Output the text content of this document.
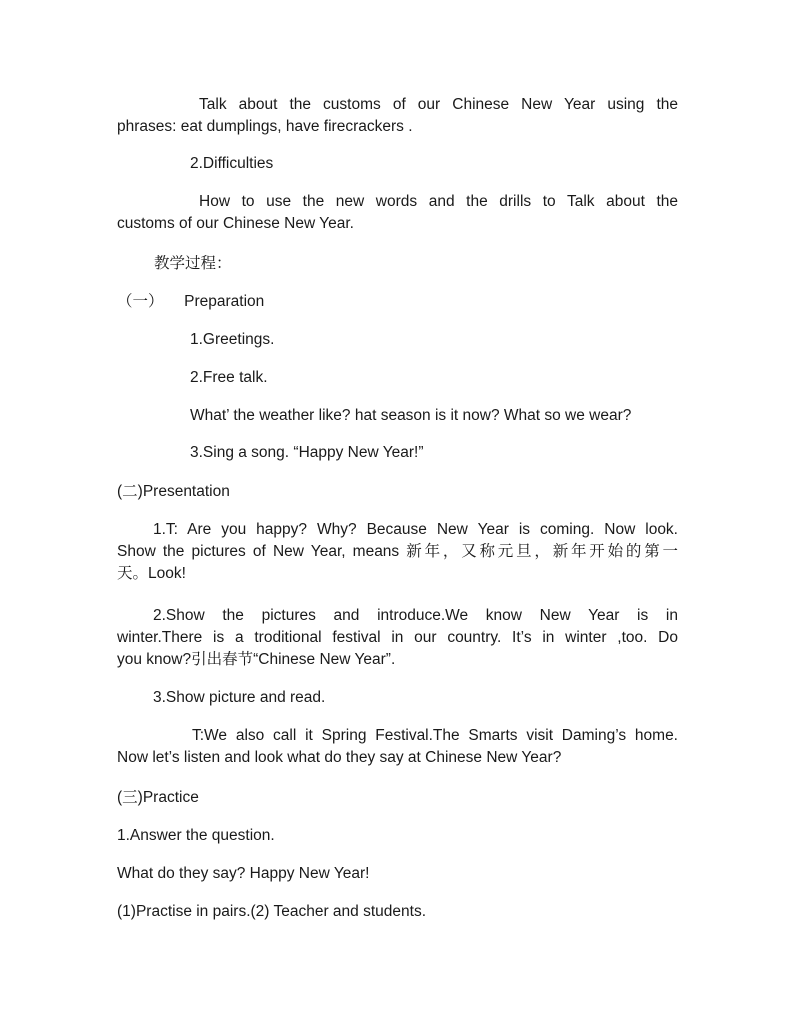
Talk about the customs of our Chinese New Year using the
phrases: eat dumplings, have firecrackers .
2.Difficulties
How to use the new words and the drills to Talk about the
customs of our Chinese New Year.
教学过程：
（一） Preparation
1.Greetings.
2.Free talk.
What’ the weather like? hat season is it now? What so we wear?
3.Sing a song. “Happy New Year!”
(二)Presentation
1.T: Are you happy? Why? Because New Year is coming. Now look.
Show the pictures of New Year, means 新年，又称元旦，新年开始的第一
天。Look!
2.Show the pictures and introduce.We know New Year is in
winter.There is a troditional festival in our country. It’s in winter ,too. Do
you know?引出春节“Chinese New Year”.
3.Show picture and read.
T:We also call it Spring Festival.The Smarts visit Daming’s home.
Now let’s listen and look what do they say at Chinese New Year?
(三)Practice
1.Answer the question.
What do they say? Happy New Year!
(1)Practise in pairs.(2) Teacher and students.
